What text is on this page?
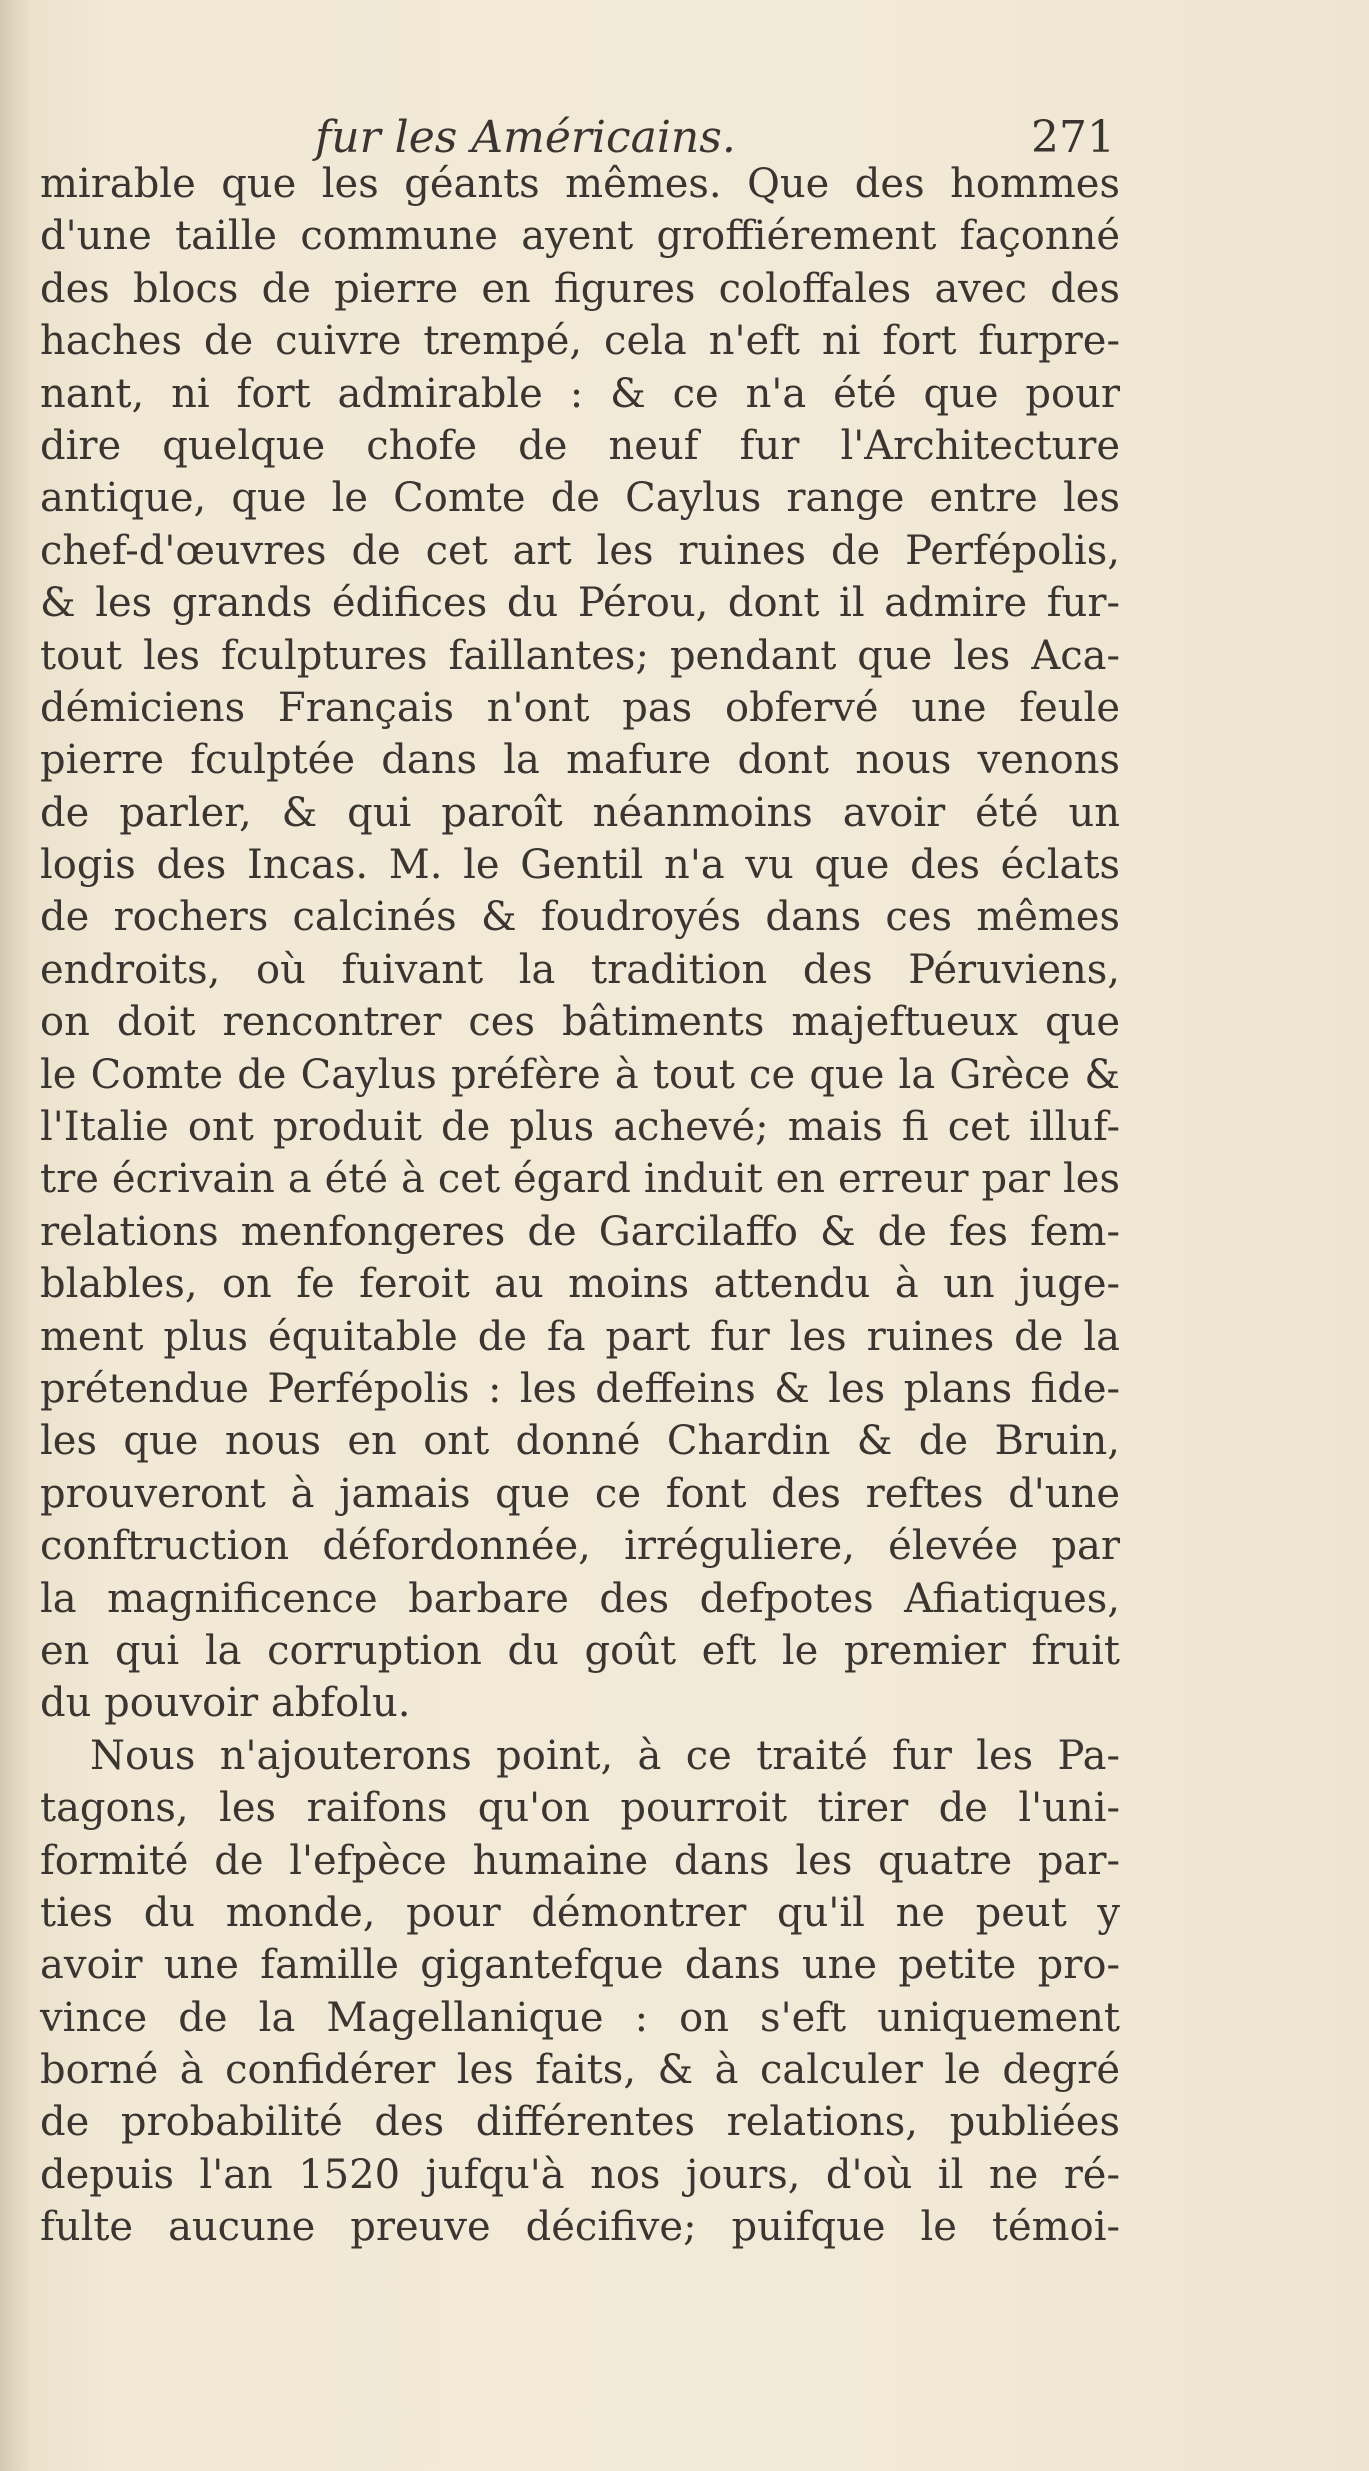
fur les Américains.	271
mirable que les géants mêmes. Que des hommes
d'une taille commune ayent groffiérement façonné
des blocs de pierre en figures coloffales avec des
haches de cuivre trempé, cela n'eft ni fort furpre-
nant, ni fort admirable : & ce n'a été que pour
dire quelque chofe de neuf fur l'Architecture
antique, que le Comte de Caylus range entre les
chef-d'œuvres de cet art les ruines de Perfépolis,
& les grands édifices du Pérou, dont il admire fur-
tout les fculptures faillantes; pendant que les Aca-
démiciens Français n'ont pas obfervé une feule
pierre fculptée dans la mafure dont nous venons
de parler, & qui paroît néanmoins avoir été un
logis des Incas. M. le Gentil n'a vu que des éclats
de rochers calcinés & foudroyés dans ces mêmes
endroits, où fuivant la tradition des Péruviens,
on doit rencontrer ces bâtiments majeftueux que
le Comte de Caylus préfère à tout ce que la Grèce &
l'Italie ont produit de plus achevé; mais fi cet illuf-
tre écrivain a été à cet égard induit en erreur par les
relations menfongeres de Garcilaffo & de fes fem-
blables, on fe feroit au moins attendu à un juge-
ment plus équitable de fa part fur les ruines de la
prétendue Perfépolis : les deffeins & les plans fide-
les que nous en ont donné Chardin & de Bruin,
prouveront à jamais que ce font des reftes d'une
conftruction défordonnée, irréguliere, élevée par
la magnificence barbare des defpotes Afiatiques,
en qui la corruption du goût eft le premier fruit
du pouvoir abfolu.
Nous n'ajouterons point, à ce traité fur les Pa-
tagons, les raifons qu'on pourroit tirer de l'uni-
formité de l'efpèce humaine dans les quatre par-
ties du monde, pour démontrer qu'il ne peut y
avoir une famille gigantefque dans une petite pro-
vince de la Magellanique : on s'eft uniquement
borné à confidérer les faits, & à calculer le degré
de probabilité des différentes relations, publiées
depuis l'an 1520 jufqu'à nos jours, d'où il ne ré-
fulte aucune preuve décifive; puifque le témoi-
